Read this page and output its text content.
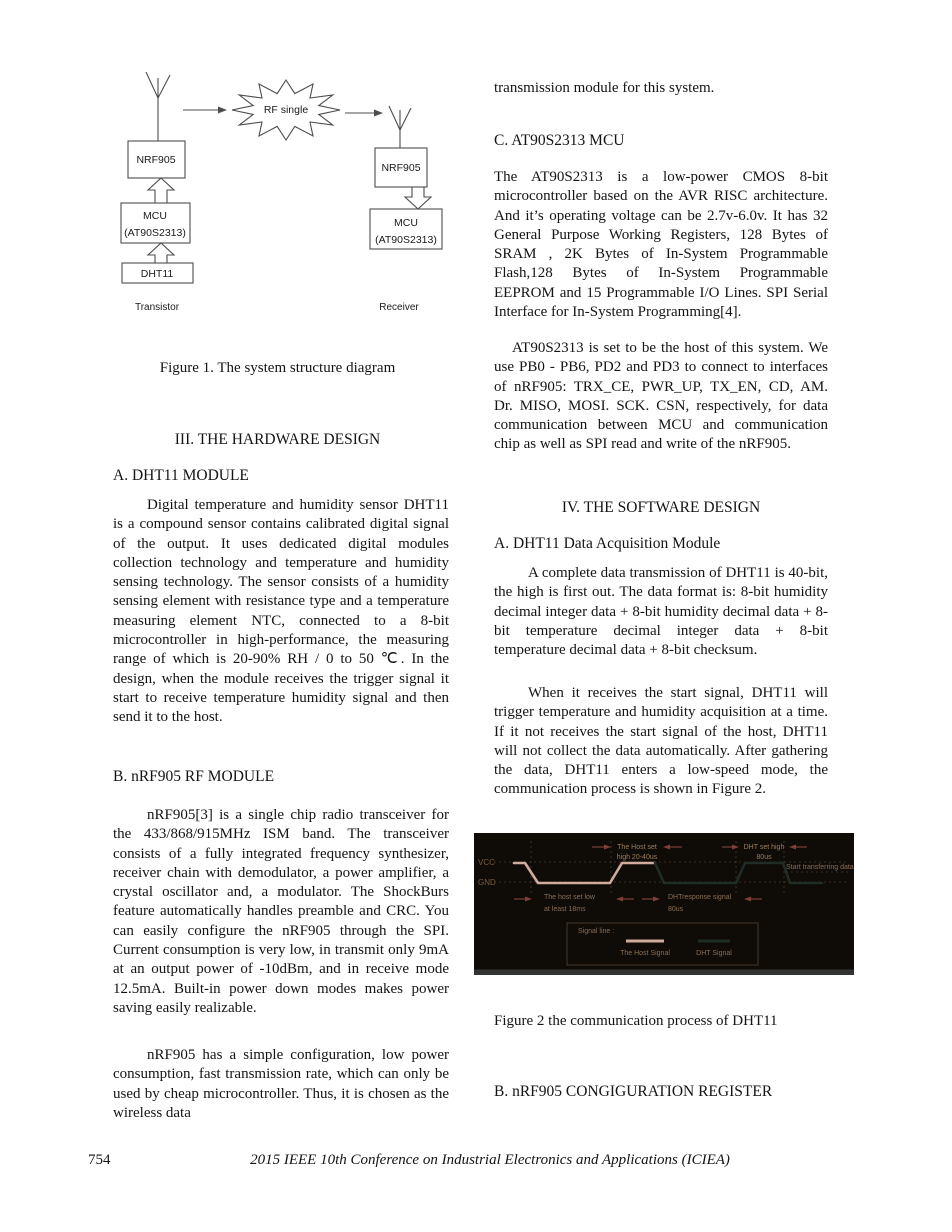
NRF905
MCU
(AT90S2313)
DHT11
Transistor
RF single
NRF905
MCU
(AT90S2313)
Receiver
Figure 1. The system structure diagram
III. THE HARDWARE DESIGN
A. DHT11 MODULE
Digital temperature and humidity sensor DHT11 is a compound sensor contains calibrated digital signal of the output. It uses dedicated digital modules collection technology and temperature and humidity sensing technology. The sensor consists of a humidity sensing element with resistance type and a temperature measuring element NTC, connected to a 8-bit microcontroller in high-performance, the measuring range of which is 20-90% RH / 0 to 50 ℃. In the design, when the module receives the trigger signal it start to receive temperature humidity signal and then send it to the host.
B. nRF905 RF MODULE
nRF905[3] is a single chip radio transceiver for the 433/868/915MHz ISM band. The transceiver consists of a fully integrated frequency synthesizer, receiver chain with demodulator, a power amplifier, a crystal oscillator and, a modulator. The ShockBurs feature automatically handles preamble and CRC. You can easily configure the nRF905 through the SPI. Current consumption is very low, in transmit only 9mA at an output power of -10dBm, and in receive mode 12.5mA. Built-in power down modes makes power saving easily realizable.
nRF905 has a simple configuration, low power consumption, fast transmission rate, which can only be used by cheap microcontroller. Thus, it is chosen as the wireless data
transmission module for this system.
C. AT90S2313 MCU
The AT90S2313 is a low-power CMOS 8-bit microcontroller based on the AVR RISC architecture. And it’s operating voltage can be 2.7v-6.0v. It has 32 General Purpose Working Registers, 128 Bytes of SRAM , 2K Bytes of In-System Programmable Flash,128 Bytes of In-System Programmable EEPROM and 15 Programmable I/O Lines. SPI Serial Interface for In-System Programming[4].
AT90S2313 is set to be the host of this system. We use PB0 - PB6, PD2 and PD3 to connect to interfaces of nRF905: TRX_CE, PWR_UP, TX_EN, CD, AM. Dr. MISO, MOSI. SCK. CSN, respectively, for data communication between MCU and communication chip as well as SPI read and write of the nRF905.
IV. THE SOFTWARE DESIGN
A. DHT11 Data Acquisition Module
A complete data transmission of DHT11 is 40-bit, the high is first out. The data format is: 8-bit humidity decimal integer data + 8-bit humidity decimal data + 8-bit temperature decimal integer data + 8-bit temperature decimal data + 8-bit checksum.
When it receives the start signal, DHT11 will trigger temperature and humidity acquisition at a time. If it not receives the start signal of the host, DHT11 will not collect the data automatically. After gathering the data, DHT11 enters a low-speed mode, the communication process is shown in Figure 2.
VCC
GND
The Host set
high 20-40us
DHT set high
80us
Start transferring data
The host set low
at least 18ms
DHTresponse signal
80us
Signal line :
The Host Signal	DHT Signal
Figure 2 the communication process of DHT11
B. nRF905 CONGIGURATION REGISTER
754	2015 IEEE 10th Conference on Industrial Electronics and Applications (ICIEA)
